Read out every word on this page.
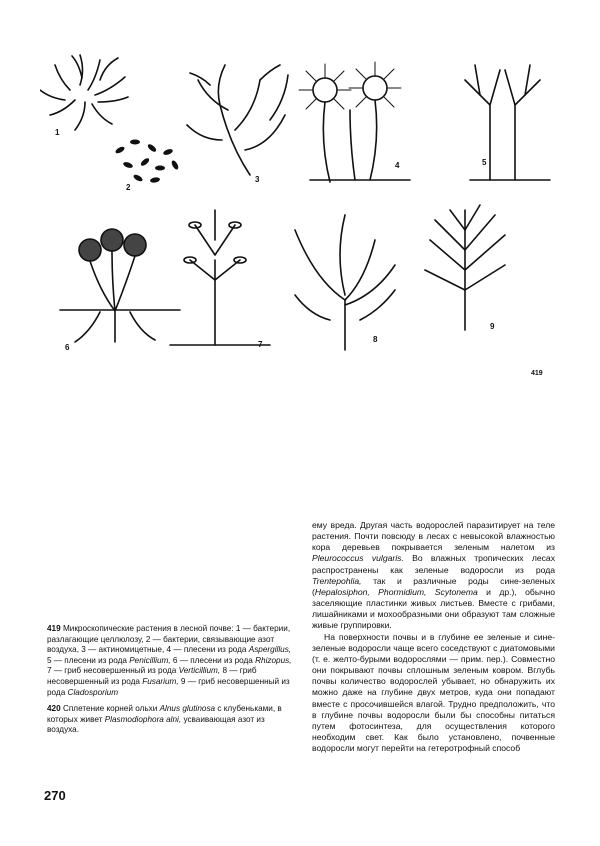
1
2
3
4	5
6	7
8
9
419

419 Микроскопические растения в лесной почве: 1 — бактерии, разлагающие целлюлозу, 2 — бактерии, связывающие азот воздуха, 3 — актиномицетные, 4 — плесени из рода Aspergillus, 5 — плесени из рода Penicillium, 6 — плесени из рода Rhizopus, 7 — гриб несовершенный из рода Verticillium, 8 — гриб несовершенный из рода Fusarium, 9 — гриб несовершенный из рода Cladosporium

420 Сплетение корней ольхи Alnus glutinosa с клубеньками, в которых живет Plasmodiophora alni, усваивающая азот из воздуха.

ему вреда. Другая часть водорослей паразитирует на теле растения. Почти повсюду в лесах с невысокой влажностью кора деревьев покрывается зеленым налетом из Pleurococcus vulgaris. Во влажных тропических лесах распространены как зеленые водоросли из рода Trentepohlia, так и различные роды сине-зеленых (Hepalosiphon, Phormidium, Scytonema и др.), обычно заселяющие пластинки живых листьев. Вместе с грибами, лишайниками и мохообразными они образуют там сложные живые группировки.

На поверхности почвы и в глубине ее зеленые и сине-зеленые водоросли чаще всего соседствуют с диатомовыми (т. е. желто-бурыми водорослями — прим. пер.). Совместно они покрывают почвы сплошным зеленым ковром. Вглубь почвы количество водорослей убывает, но обнаружить их можно даже на глубине двух метров, куда они попадают вместе с просочившейся влагой. Трудно предположить, что в глубине почвы водоросли были бы способны питаться путем фотосинтеза, для осуществления которого необходим свет. Как было установлено, почвенные водоросли могут перейти на гетеротрофный способ

270
